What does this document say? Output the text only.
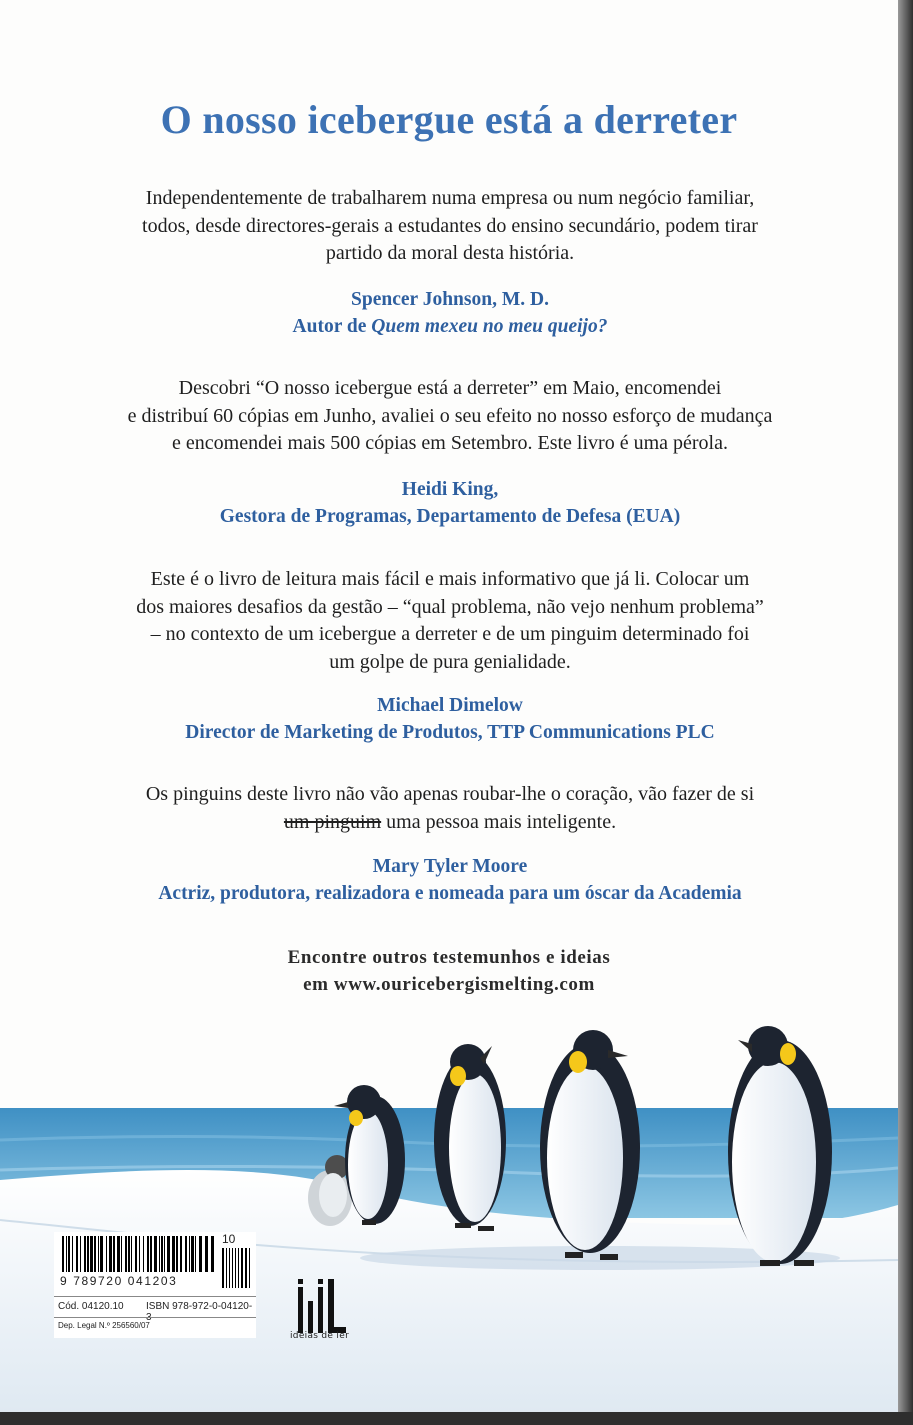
O nosso icebergue está a derreter
Independentemente de trabalharem numa empresa ou num negócio familiar,
todos, desde directores-gerais a estudantes do ensino secundário, podem tirar
partido da moral desta história.
Spencer Johnson, M. D.
Autor de Quem mexeu no meu queijo?
Descobri “O nosso icebergue está a derreter” em Maio, encomendei
e distribuí 60 cópias em Junho, avaliei o seu efeito no nosso esforço de mudança
e encomendei mais 500 cópias em Setembro. Este livro é uma pérola.
Heidi King,
Gestora de Programas, Departamento de Defesa (EUA)
Este é o livro de leitura mais fácil e mais informativo que já li. Colocar um
dos maiores desafios da gestão – “qual problema, não vejo nenhum problema”
– no contexto de um icebergue a derreter e de um pinguim determinado foi
um golpe de pura genialidade.
Michael Dimelow
Director de Marketing de Produtos, TTP Communications PLC
Os pinguins deste livro não vão apenas roubar-lhe o coração, vão fazer de si
um pinguim uma pessoa mais inteligente.
Mary Tyler Moore
Actriz, produtora, realizadora e nomeada para um óscar da Academia
Encontre outros testemunhos e ideias
em www.ouricebergismelting.com
9 789720 041203
10
Cód. 04120.10 ISBN 978-972-0-04120-
Dep. Legal N.º 256560/07
ideias de ler
